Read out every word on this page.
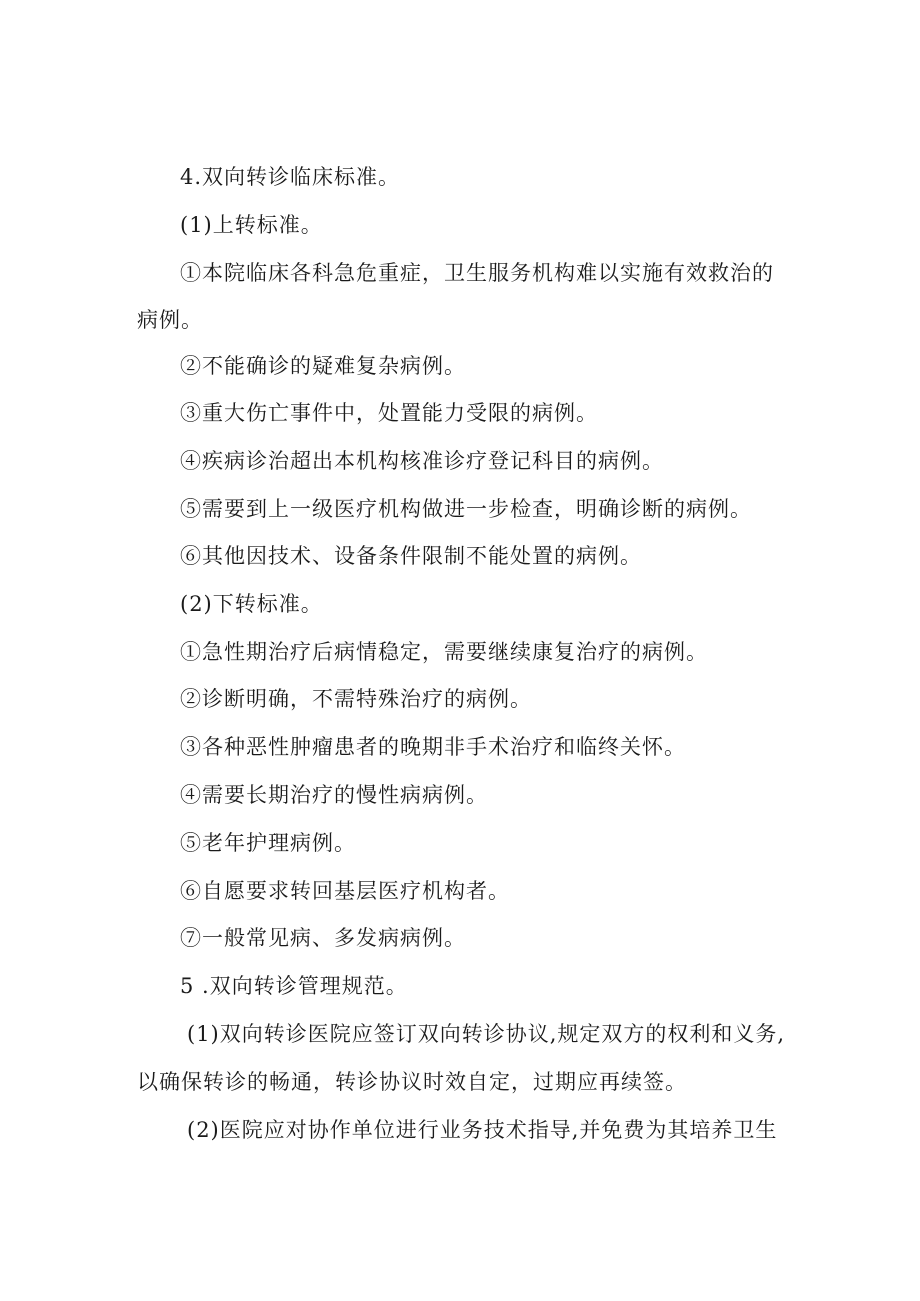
4.双向转诊临床标准。
(1)上转标准。
①本院临床各科急危重症，卫生服务机构难以实施有效救治的
病例。
②不能确诊的疑难复杂病例。
③重大伤亡事件中，处置能力受限的病例。
④疾病诊治超出本机构核准诊疗登记科目的病例。
⑤需要到上一级医疗机构做进一步检查，明确诊断的病例。
⑥其他因技术、设备条件限制不能处置的病例。
(2)下转标准。
①急性期治疗后病情稳定，需要继续康复治疗的病例。
②诊断明确，不需特殊治疗的病例。
③各种恶性肿瘤患者的晚期非手术治疗和临终关怀。
④需要长期治疗的慢性病病例。
⑤老年护理病例。
⑥自愿要求转回基层医疗机构者。
⑦一般常见病、多发病病例。
5 .双向转诊管理规范。
(1)双向转诊医院应签订双向转诊协议,规定双方的权利和义务,
以确保转诊的畅通，转诊协议时效自定，过期应再续签。
(2)医院应对协作单位进行业务技术指导,并免费为其培养卫生
